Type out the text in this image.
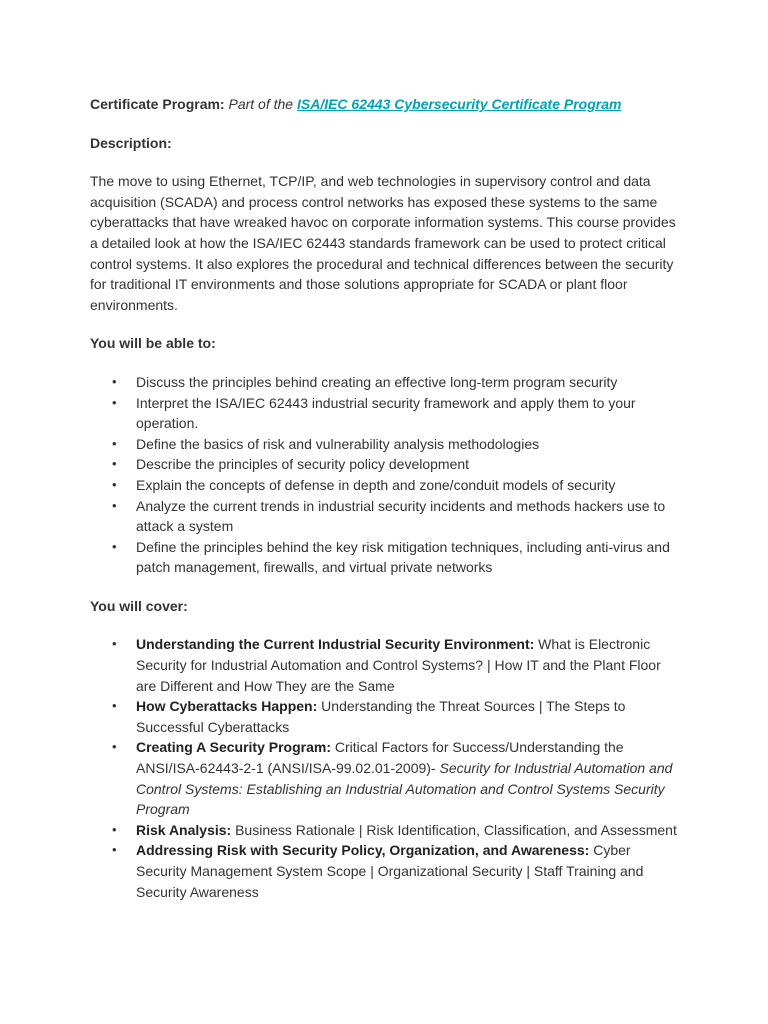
Certificate Program: Part of the ISA/IEC 62443 Cybersecurity Certificate Program

Description:

The move to using Ethernet, TCP/IP, and web technologies in supervisory control and data acquisition (SCADA) and process control networks has exposed these systems to the same cyberattacks that have wreaked havoc on corporate information systems. This course provides a detailed look at how the ISA/IEC 62443 standards framework can be used to protect critical control systems. It also explores the procedural and technical differences between the security for traditional IT environments and those solutions appropriate for SCADA or plant floor environments.

You will be able to:

• Discuss the principles behind creating an effective long-term program security
• Interpret the ISA/IEC 62443 industrial security framework and apply them to your operation.
• Define the basics of risk and vulnerability analysis methodologies
• Describe the principles of security policy development
• Explain the concepts of defense in depth and zone/conduit models of security
• Analyze the current trends in industrial security incidents and methods hackers use to attack a system
• Define the principles behind the key risk mitigation techniques, including anti-virus and patch management, firewalls, and virtual private networks

You will cover:

• Understanding the Current Industrial Security Environment: What is Electronic Security for Industrial Automation and Control Systems? | How IT and the Plant Floor are Different and How They are the Same
• How Cyberattacks Happen: Understanding the Threat Sources | The Steps to Successful Cyberattacks
• Creating A Security Program: Critical Factors for Success/Understanding the ANSI/ISA-62443-2-1 (ANSI/ISA-99.02.01-2009)- Security for Industrial Automation and Control Systems: Establishing an Industrial Automation and Control Systems Security Program
• Risk Analysis: Business Rationale | Risk Identification, Classification, and Assessment
• Addressing Risk with Security Policy, Organization, and Awareness: Cyber Security Management System Scope | Organizational Security | Staff Training and Security Awareness
